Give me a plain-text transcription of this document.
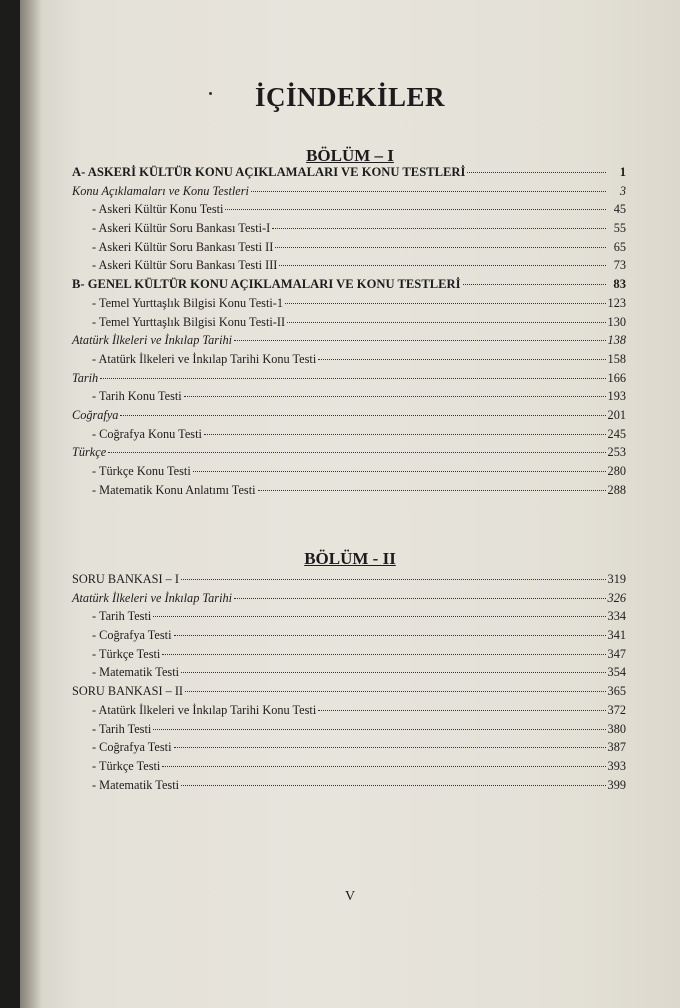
İÇİNDEKİLER
BÖLÜM – I
A- ASKERİ KÜLTÜR KONU AÇIKLAMALARI VE KONU TESTLERİ	1
Konu Açıklamaları ve Konu Testleri	3
- Askeri Kültür Konu Testi	45
- Askeri Kültür Soru Bankası Testi-I	55
- Askeri Kültür Soru Bankası Testi II	65
- Askeri Kültür Soru Bankası Testi III	73
B- GENEL KÜLTÜR KONU AÇIKLAMALARI VE KONU TESTLERİ	83
- Temel Yurttaşlık Bilgisi Konu Testi-1	123
- Temel Yurttaşlık Bilgisi Konu Testi-II	130
Atatürk İlkeleri ve İnkılap Tarihi	138
- Atatürk İlkeleri ve İnkılap Tarihi Konu Testi	158
Tarih	166
- Tarih Konu Testi	193
Coğrafya	201
- Coğrafya Konu Testi	245
Türkçe	253
- Türkçe Konu Testi	280
- Matematik Konu Anlatımı Testi	288
BÖLÜM - II
SORU BANKASI – I	319
Atatürk İlkeleri ve İnkılap Tarihi	326
- Tarih Testi	334
- Coğrafya Testi	341
- Türkçe Testi	347
- Matematik Testi	354
SORU BANKASI – II	365
- Atatürk İlkeleri ve İnkılap Tarihi Konu Testi	372
- Tarih Testi	380
- Coğrafya Testi	387
- Türkçe Testi	393
- Matematik Testi	399
V
